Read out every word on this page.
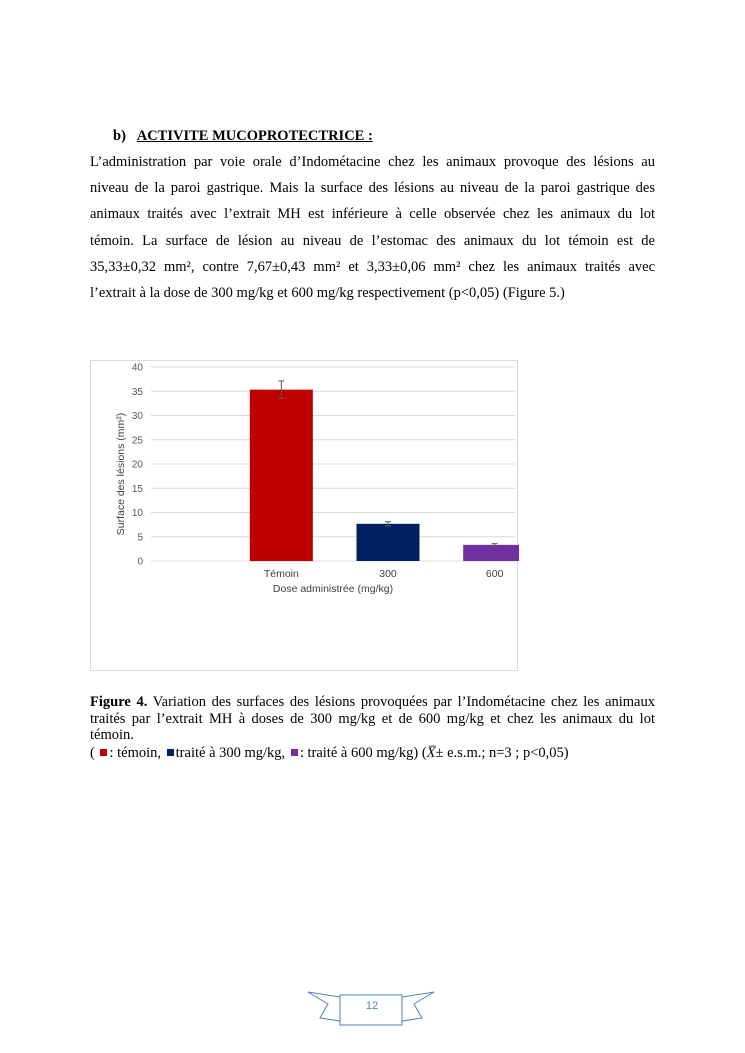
b) ACTIVITE MUCOPROTECTRICE :
L’administration par voie orale d’Indométacine chez les animaux provoque des lésions au
niveau de la paroi gastrique. Mais la surface des lésions au niveau de la paroi gastrique des
animaux traités avec l’extrait MH est inférieure à celle observée chez les animaux du lot
témoin. La surface de lésion au niveau de l’estomac des animaux du lot témoin est de
35,33±0,32 mm², contre 7,67±0,43 mm² et 3,33±0,06 mm² chez les animaux traités avec
l’extrait à la dose de 300 mg/kg et 600 mg/kg respectivement (p<0,05) (Figure 5.)
0
5
10
15
20
25
30
35
40
Témoin	300	600
Dose administrée (mg/kg)
Surface des lésions (mm²)
Figure 4. Variation des surfaces des lésions provoquées par l’Indométacine chez les animaux
traités par l’extrait MH à doses de 300 mg/kg et de 600 mg/kg et chez les animaux du lot
témoin.
( : témoin, traité à 300 mg/kg, : traité à 600 mg/kg) (X̅± e.s.m.; n=3 ; p<0,05)
12
